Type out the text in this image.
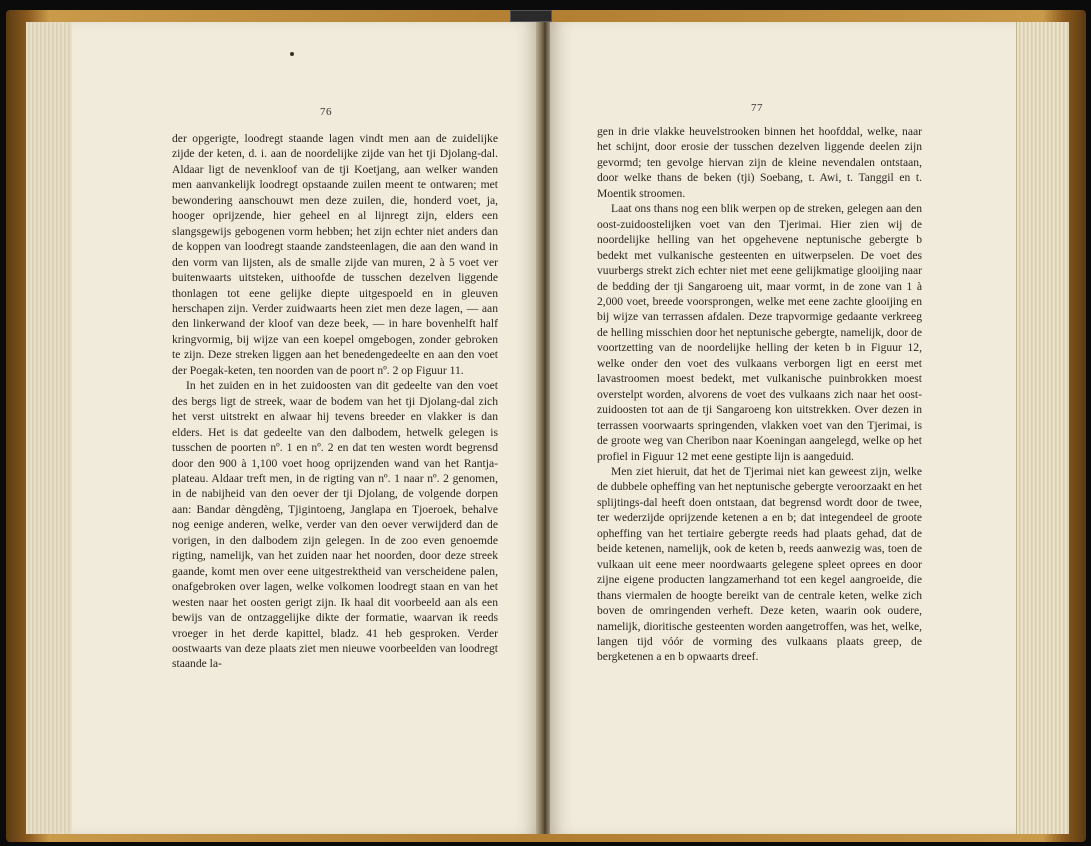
76

der opgerigte, loodregt staande lagen vindt men aan de zuidelijke zijde der keten, d. i. aan de noordelijke zijde van het tji Djolang-dal. Aldaar ligt de nevenkloof van de tji Koetjang, aan welker wanden men aanvankelijk loodregt opstaande zuilen meent te ontwaren; met bewondering aanschouwt men deze zuilen, die, honderd voet, ja, hooger oprijzende, hier geheel en al lijnregt zijn, elders een slangsgewijs gebogenen vorm hebben; het zijn echter niet anders dan de koppen van loodregt staande zandsteenlagen, die aan den wand in den vorm van lijsten, als de smalle zijde van muren, 2 à 5 voet ver buitenwaarts uitsteken, uithoofde de tusschen dezelven liggende thonlagen tot eene gelijke diepte uitgespoeld en in gleuven herschapen zijn. Verder zuidwaarts heen ziet men deze lagen, — aan den linkerwand der kloof van deze beek, — in hare bovenhelft half kringvormig, bij wijze van een koepel omgebogen, zonder gebroken te zijn. Deze streken liggen aan het benedengedeelte en aan den voet der Poegak-keten, ten noorden van de poort nº. 2 op Figuur 11.

In het zuiden en in het zuidoosten van dit gedeelte van den voet des bergs ligt de streek, waar de bodem van het tji Djolang-dal zich het verst uitstrekt en alwaar hij tevens breeder en vlakker is dan elders. Het is dat gedeelte van den dalbodem, hetwelk gelegen is tusschen de poorten nº. 1 en nº. 2 en dat ten westen wordt begrensd door den 900 à 1,100 voet hoog oprijzenden wand van het Rantja-plateau. Aldaar treft men, in de rigting van nº. 1 naar nº. 2 genomen, in de nabijheid van den oever der tji Djolang, de volgende dorpen aan: Bandar dèngdèng, Tjigintoeng, Janglapa en Tjoeroek, behalve nog eenige anderen, welke, verder van den oever verwijderd dan de vorigen, in den dalbodem zijn gelegen. In de zoo even genoemde rigting, namelijk, van het zuiden naar het noorden, door deze streek gaande, komt men over eene uitgestrektheid van verscheidene palen, onafgebroken over lagen, welke volkomen loodregt staan en van het westen naar het oosten gerigt zijn. Ik haal dit voorbeeld aan als een bewijs van de ontzaggelijke dikte der formatie, waarvan ik reeds vroeger in het derde kapittel, bladz. 41 heb gesproken. Verder oostwaarts van deze plaats ziet men nieuwe voorbeelden van loodregt staande la-

77

gen in drie vlakke heuvelstrooken binnen het hoofddal, welke, naar het schijnt, door erosie der tusschen dezelven liggende deelen zijn gevormd; ten gevolge hiervan zijn de kleine nevendalen ontstaan, door welke thans de beken (tji) Soebang, t. Awi, t. Tanggil en t. Moentik stroomen.

Laat ons thans nog een blik werpen op de streken, gelegen aan den oost-zuidoostelijken voet van den Tjerimai. Hier zien wij de noordelijke helling van het opgehevene neptunische gebergte b bedekt met vulkanische gesteenten en uitwerpselen. De voet des vuurbergs strekt zich echter niet met eene gelijkmatige glooijing naar de bedding der tji Sangaroeng uit, maar vormt, in de zone van 1 à 2,000 voet, breede voorsprongen, welke met eene zachte glooijing en bij wijze van terrassen afdalen. Deze trapvormige gedaante verkreeg de helling misschien door het neptunische gebergte, namelijk, door de voortzetting van de noordelijke helling der keten b in Figuur 12, welke onder den voet des vulkaans verborgen ligt en eerst met lavastroomen moest bedekt, met vulkanische puinbrokken moest overstelpt worden, alvorens de voet des vulkaans zich naar het oost-zuidoosten tot aan de tji Sangaroeng kon uitstrekken. Over dezen in terrassen voorwaarts springenden, vlakken voet van den Tjerimai, is de groote weg van Cheribon naar Koeningan aangelegd, welke op het profiel in Figuur 12 met eene gestipte lijn is aangeduid.

Men ziet hieruit, dat het de Tjerimai niet kan geweest zijn, welke de dubbele opheffing van het neptunische gebergte veroorzaakt en het splijtings-dal heeft doen ontstaan, dat begrensd wordt door de twee, ter wederzijde oprijzende ketenen a en b; dat integendeel de groote opheffing van het tertiaire gebergte reeds had plaats gehad, dat de beide ketenen, namelijk, ook de keten b, reeds aanwezig was, toen de vulkaan uit eene meer noordwaarts gelegene spleet oprees en door zijne eigene producten langzamerhand tot een kegel aangroeide, die thans viermalen de hoogte bereikt van de centrale keten, welke zich boven de omringenden verheft. Deze keten, waarin ook oudere, namelijk, dioritische gesteenten worden aangetroffen, was het, welke, langen tijd vóór de vorming des vulkaans plaats greep, de bergketenen a en b opwaarts dreef.
